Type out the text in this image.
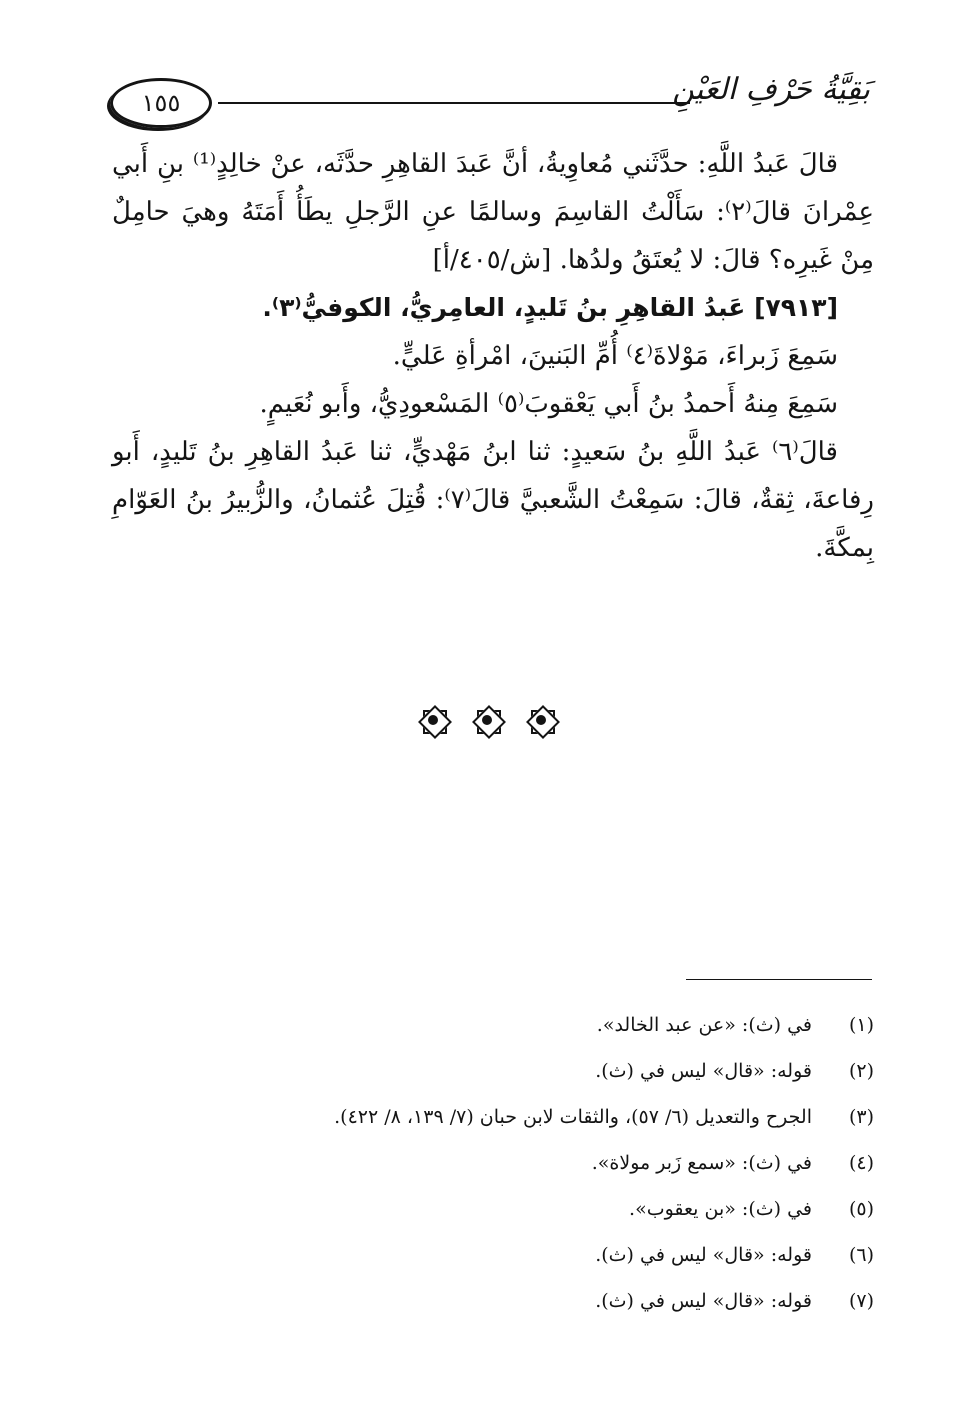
١٥٥	بَقِيَّةُ حَرْفِ العَيْنِ

قالَ عَبدُ اللَّهِ: حدَّثَني مُعاوِيةُ، أنَّ عَبدَ القاهِرِ حدَّثَه، عنْ خالِدٍ⁽¹⁾ بنِ أَبي عِمْرانَ قالَ⁽٢⁾: سَأَلْتُ القاسِمَ وسالمًا عنِ الرَّجلِ يطَأُ أَمَتَهُ وهيَ حامِلٌ مِنْ غَيرِه؟ قالَ: لا يُعتَقُ ولدُها. [ش/٤٠٥/أ]

[٧٩١٣] عَبدُ القاهِرِ بنُ تَليدٍ، العامِريُّ، الكوفيُّ⁽٣⁾.

سَمِعَ زَبراءَ، مَوْلاةَ⁽٤⁾ أُمِّ البَنينَ، امْرأةِ عَليٍّ.

سَمِعَ مِنهُ أَحمدُ بنُ أَبي يَعْقوبَ⁽٥⁾ المَسْعودِيُّ، وأَبو نُعَيمٍ.

قالَ⁽٦⁾ عَبدُ اللَّهِ بنُ سَعيدٍ: ثنا ابنُ مَهْديٍّ، ثنا عَبدُ القاهِرِ بنُ تَليدٍ، أَبو رِفاعةَ، ثِقةٌ، قالَ: سَمِعْتُ الشَّعبيَّ قالَ⁽٧⁾: قُتِلَ عُثمانُ، والزُّبيرُ بنُ العَوّامِ بِمكَّةَ.

(١)
في (ث): «عن عبد الخالد».
(٢)
قوله: «قال» ليس في (ث).
(٣)
الجرح والتعديل (٦/ ٥٧)، والثقات لابن حبان (٧/ ١٣٩، ٨/ ٤٢٢).
(٤)
في (ث): «سمع زَبر مولاة».
(٥)
في (ث): «بن يعقوب».
(٦)
قوله: «قال» ليس في (ث).
(٧)
قوله: «قال» ليس في (ث).
